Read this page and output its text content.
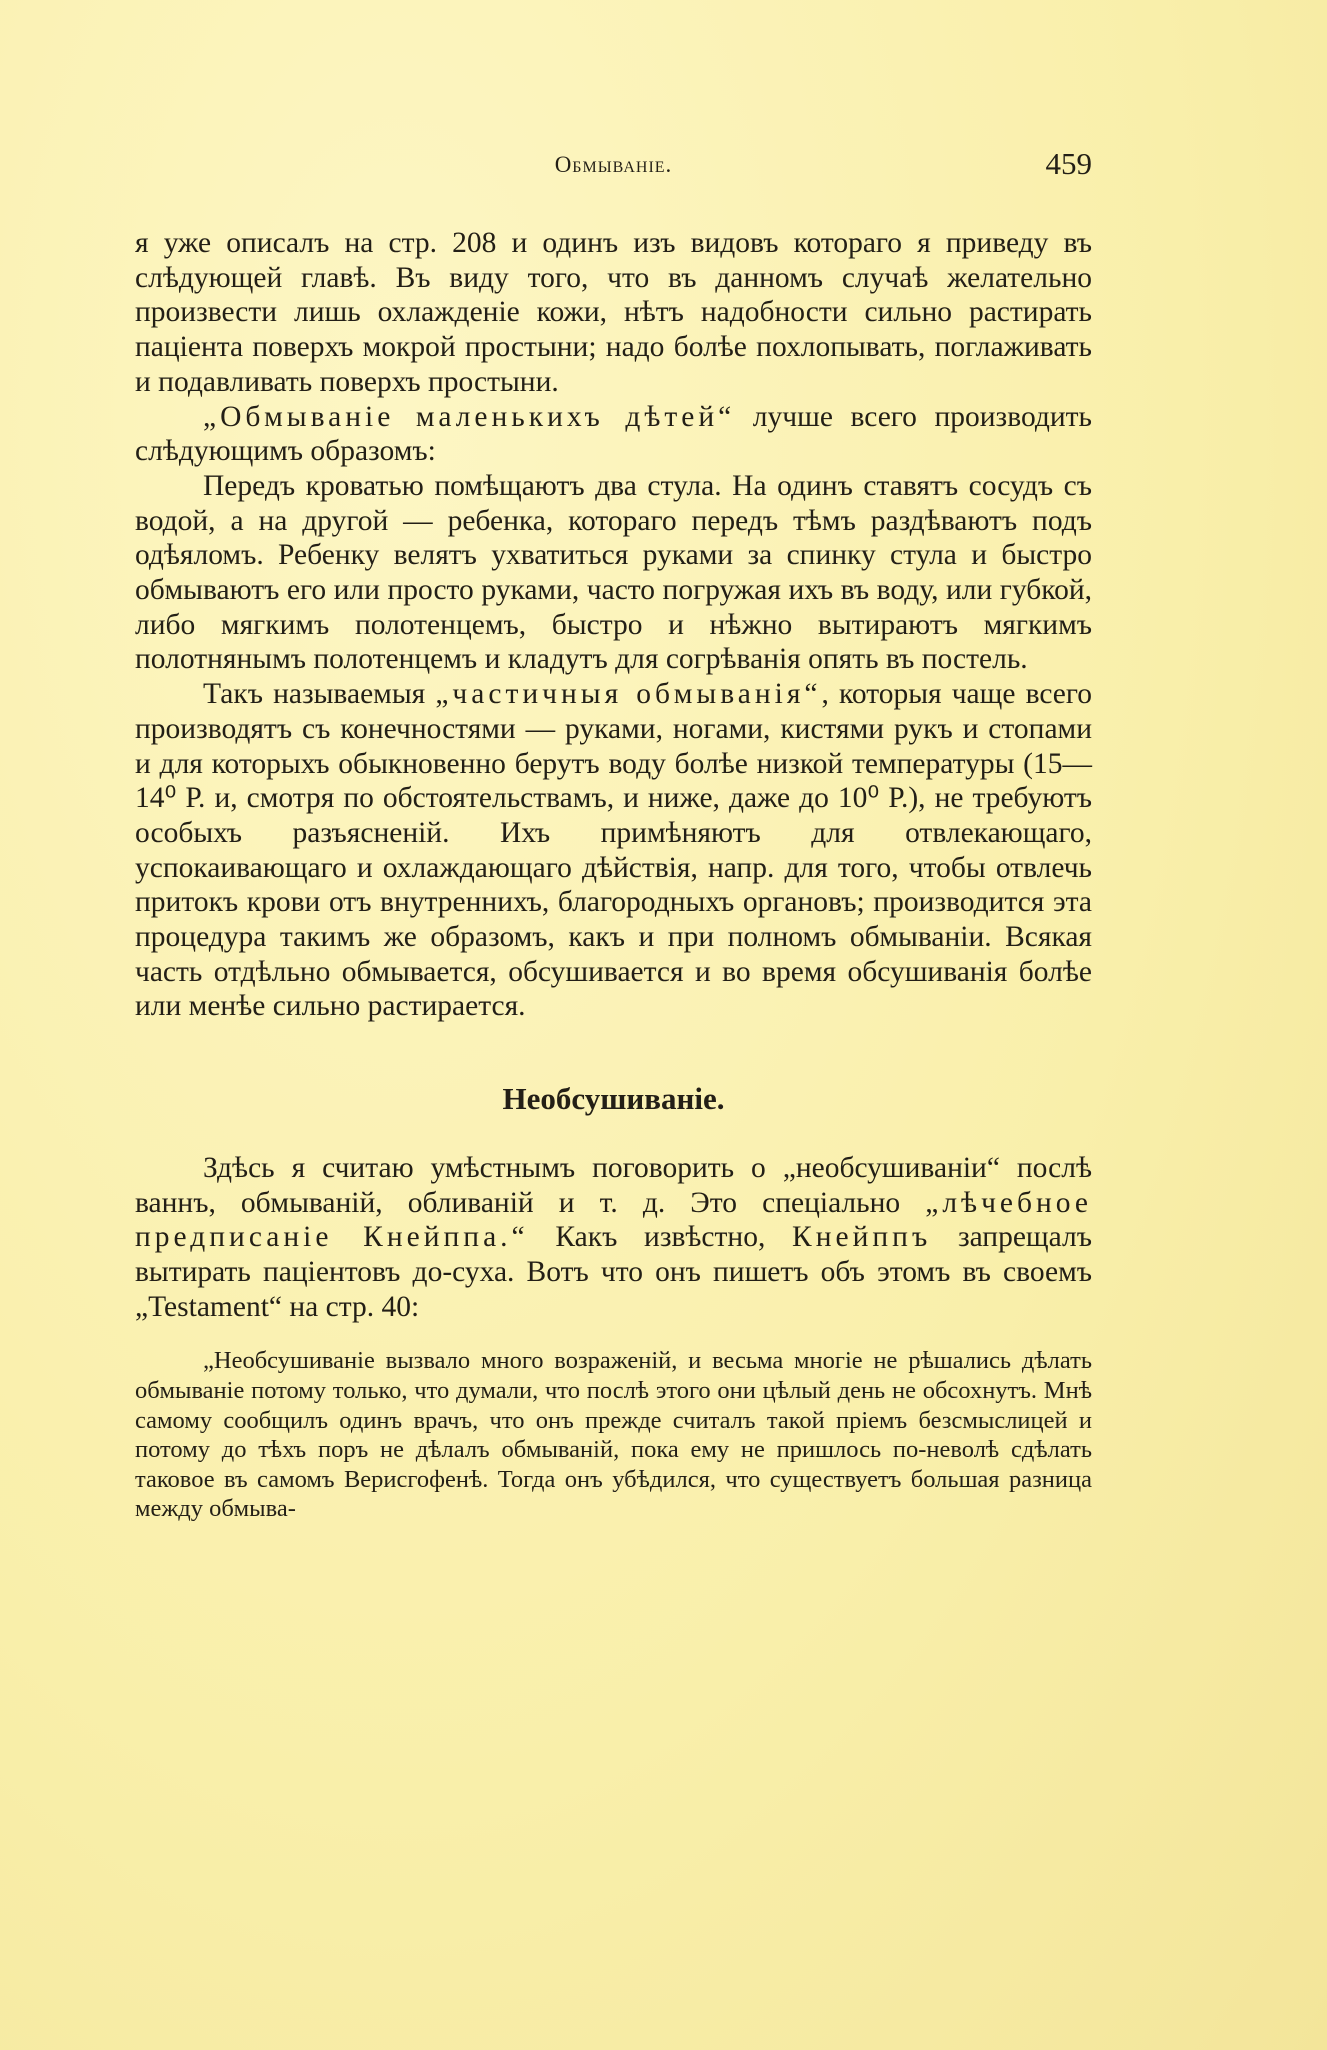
Обмываніе.	459

я уже описалъ на стр. 208 и одинъ изъ видовъ котораго я приведу въ слѣдующей главѣ. Въ виду того, что въ данномъ случаѣ желательно произвести лишь охлажденіе кожи, нѣтъ надобности сильно растирать паціента поверхъ мокрой простыни; надо болѣе похлопывать, поглаживать и подавливать поверхъ простыни.

„Обмываніе маленькихъ дѣтей“ лучше всего производить слѣдующимъ образомъ:

Передъ кроватью помѣщаютъ два стула. На одинъ ставятъ сосудъ съ водой, а на другой — ребенка, котораго передъ тѣмъ раздѣваютъ подъ одѣяломъ. Ребенку велятъ ухватиться руками за спинку стула и быстро обмываютъ его или просто руками, часто погружая ихъ въ воду, или губкой, либо мягкимъ полотенцемъ, быстро и нѣжно вытираютъ мягкимъ полотнянымъ полотенцемъ и кладутъ для согрѣванія опять въ постель.

Такъ называемыя „частичныя обмыванія“, которыя чаще всего производятъ съ конечностями — руками, ногами, кистями рукъ и стопами и для которыхъ обыкновенно берутъ воду болѣе низкой температуры (15—14⁰ Р. и, смотря по обстоятельствамъ, и ниже, даже до 10⁰ Р.), не требуютъ особыхъ разъясненій. Ихъ примѣняютъ для отвлекающаго, успокаивающаго и охлаждающаго дѣйствія, напр. для того, чтобы отвлечь притокъ крови отъ внутреннихъ, благородныхъ органовъ; производится эта процедура такимъ же образомъ, какъ и при полномъ обмываніи. Всякая часть отдѣльно обмывается, обсушивается и во время обсушиванія болѣе или менѣе сильно растирается.

Необсушиваніе.

Здѣсь я считаю умѣстнымъ поговорить о „необсушиваніи“ послѣ ваннъ, обмываній, обливаній и т. д. Это спеціально „лѣчебное предписаніе Кнейппа.“ Какъ извѣстно, Кнейппъ запрещалъ вытирать паціентовъ до-суха. Вотъ что онъ пишетъ объ этомъ въ своемъ „Testament“ на стр. 40:

„Необсушиваніе вызвало много возраженій, и весьма многіе не рѣшались дѣлать обмываніе потому только, что думали, что послѣ этого они цѣлый день не обсохнутъ. Мнѣ самому сообщилъ одинъ врачъ, что онъ прежде считалъ такой пріемъ безсмыслицей и потому до тѣхъ поръ не дѣлалъ обмываній, пока ему не пришлось по-неволѣ сдѣлать таковое въ самомъ Верисгофенѣ. Тогда онъ убѣдился, что существуетъ большая разница между обмыва-
